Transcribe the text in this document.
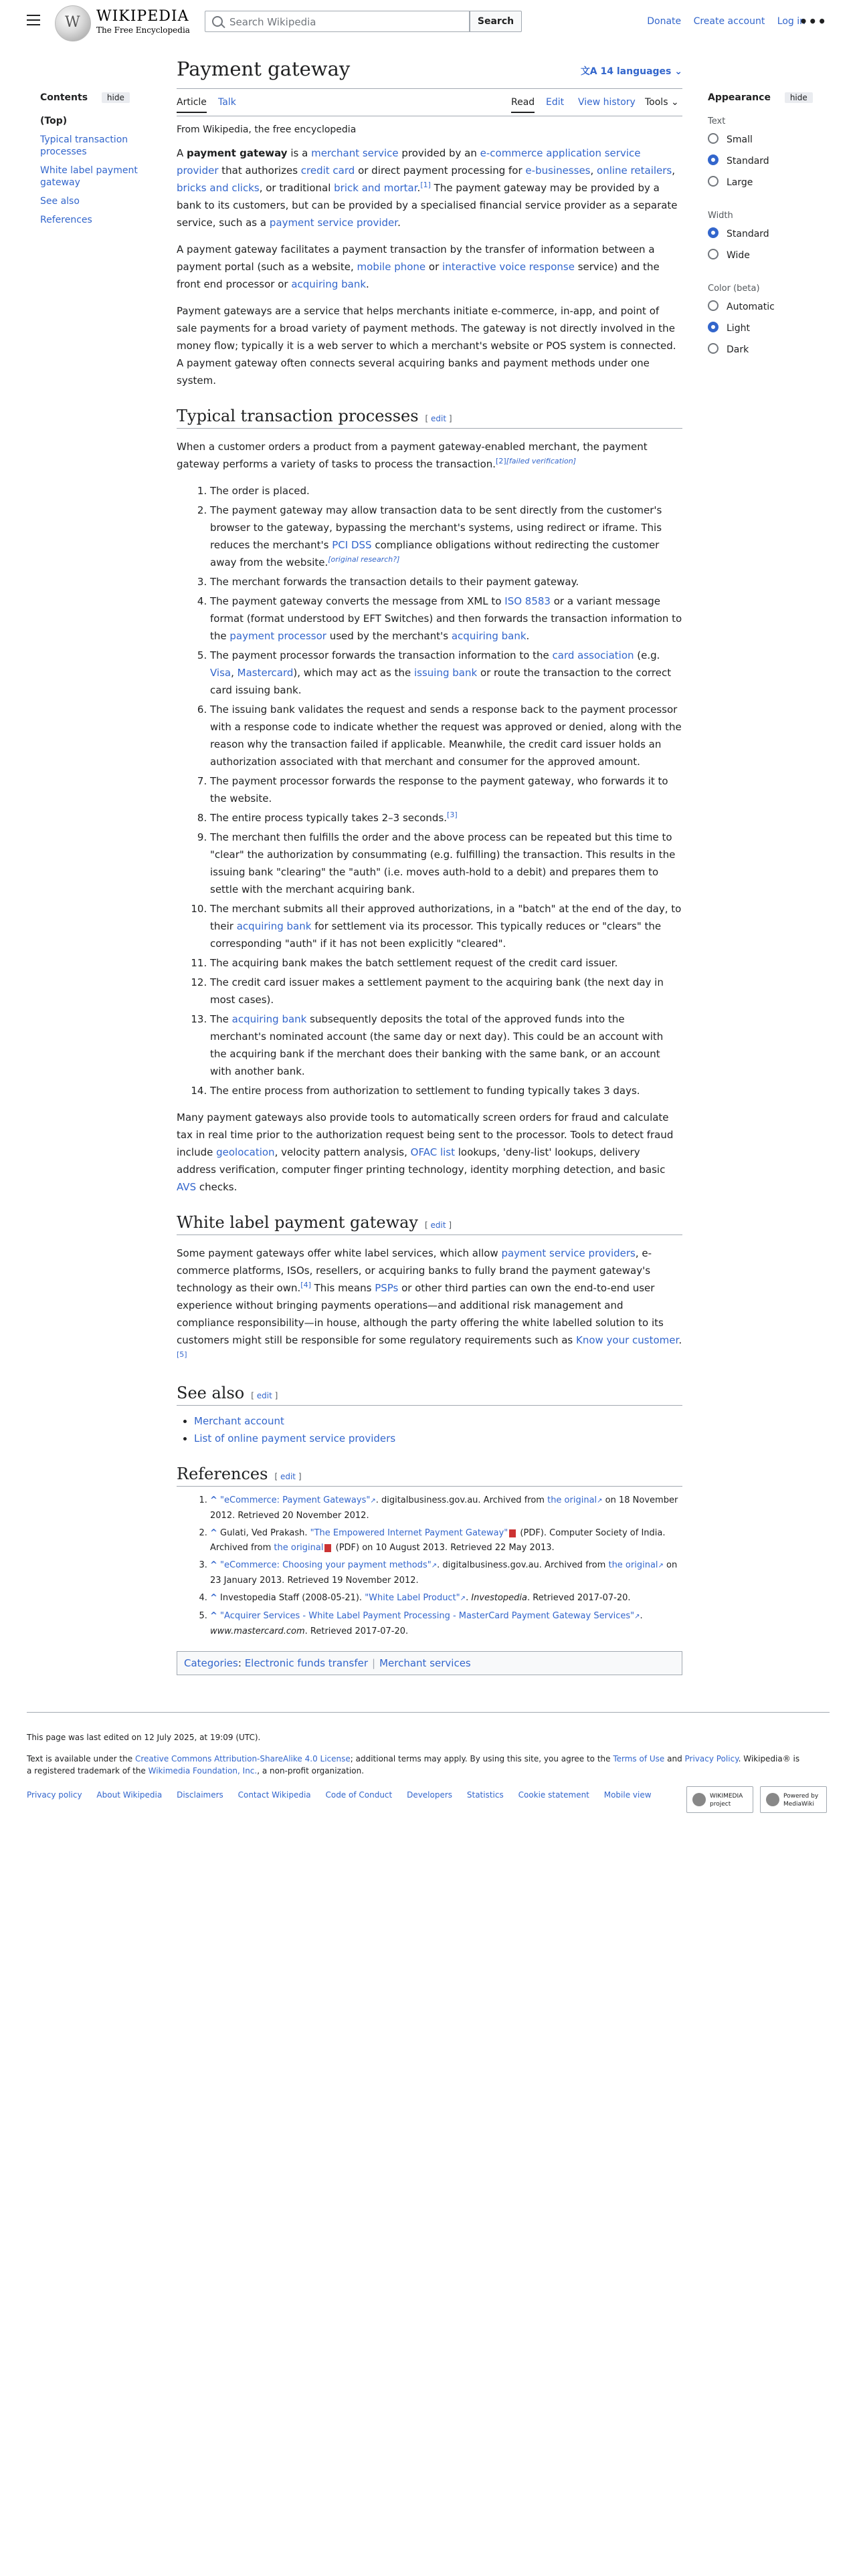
W
WIKIPEDIA
The Free Encyclopedia
Search Wikipedia	Search	Donate Create account Log in
•••
Contents hide
(Top)
Typical transaction processes
White label payment gateway
See also
References
Payment gateway	文A 14 languages ⌄
Article Talk	Read Edit View history Tools ⌄
From Wikipedia, the free encyclopedia

A payment gateway is a merchant service provided by an e-commerce application service provider that authorizes credit card or direct payment processing for e-businesses, online retailers, bricks and clicks, or traditional brick and mortar.[1] The payment gateway may be provided by a bank to its customers, but can be provided by a specialised financial service provider as a separate service, such as a payment service provider.

A payment gateway facilitates a payment transaction by the transfer of information between a payment portal (such as a website, mobile phone or interactive voice response service) and the front end processor or acquiring bank.

Payment gateways are a service that helps merchants initiate e-commerce, in-app, and point of sale payments for a broad variety of payment methods. The gateway is not directly involved in the money flow; typically it is a web server to which a merchant's website or POS system is connected. A payment gateway often connects several acquiring banks and payment methods under one system.

Typical transaction processes [ edit ]

When a customer orders a product from a payment gateway-enabled merchant, the payment gateway performs a variety of tasks to process the transaction.[2][failed verification]

1. The order is placed.
2. The payment gateway may allow transaction data to be sent directly from the customer's browser to the gateway, bypassing the merchant's systems, using redirect or iframe. This reduces the merchant's PCI DSS compliance obligations without redirecting the customer away from the website.[original research?]
3. The merchant forwards the transaction details to their payment gateway.
4. The payment gateway converts the message from XML to ISO 8583 or a variant message format (format understood by EFT Switches) and then forwards the transaction information to the payment processor used by the merchant's acquiring bank.
5. The payment processor forwards the transaction information to the card association (e.g. Visa, Mastercard), which may act as the issuing bank or route the transaction to the correct card issuing bank.
6. The issuing bank validates the request and sends a response back to the payment processor with a response code to indicate whether the request was approved or denied, along with the reason why the transaction failed if applicable. Meanwhile, the credit card issuer holds an authorization associated with that merchant and consumer for the approved amount.
7. The payment processor forwards the response to the payment gateway, who forwards it to the website.
8. The entire process typically takes 2–3 seconds.[3]
9. The merchant then fulfills the order and the above process can be repeated but this time to "clear" the authorization by consummating (e.g. fulfilling) the transaction. This results in the issuing bank "clearing" the "auth" (i.e. moves auth-hold to a debit) and prepares them to settle with the merchant acquiring bank.
10. The merchant submits all their approved authorizations, in a "batch" at the end of the day, to their acquiring bank for settlement via its processor. This typically reduces or "clears" the corresponding "auth" if it has not been explicitly "cleared".
11. The acquiring bank makes the batch settlement request of the credit card issuer.
12. The credit card issuer makes a settlement payment to the acquiring bank (the next day in most cases).
13. The acquiring bank subsequently deposits the total of the approved funds into the merchant's nominated account (the same day or next day). This could be an account with the acquiring bank if the merchant does their banking with the same bank, or an account with another bank.
14. The entire process from authorization to settlement to funding typically takes 3 days.

Many payment gateways also provide tools to automatically screen orders for fraud and calculate tax in real time prior to the authorization request being sent to the processor. Tools to detect fraud include geolocation, velocity pattern analysis, OFAC list lookups, 'deny-list' lookups, delivery address verification, computer finger printing technology, identity morphing detection, and basic AVS checks.

White label payment gateway [ edit ]

Some payment gateways offer white label services, which allow payment service providers, e-commerce platforms, ISOs, resellers, or acquiring banks to fully brand the payment gateway's technology as their own.[4] This means PSPs or other third parties can own the end-to-end user experience without bringing payments operations—and additional risk management and compliance responsibility—in house, although the party offering the white labelled solution to its customers might still be responsible for some regulatory requirements such as Know your customer.[5]

See also [ edit ]
• Merchant account
• List of online payment service providers
References [ edit ]
1. ^ "eCommerce: Payment Gateways"↗. digitalbusiness.gov.au. Archived from the original↗ on 18 November 2012. Retrieved 20 November 2012.
2. ^ Gulati, Ved Prakash. "The Empowered Internet Payment Gateway" (PDF). Computer Society of India. Archived from the original (PDF) on 10 August 2013. Retrieved 22 May 2013.
3. ^ "eCommerce: Choosing your payment methods"↗. digitalbusiness.gov.au. Archived from the original↗ on 23 January 2013. Retrieved 19 November 2012.
4. ^ Investopedia Staff (2008-05-21). "White Label Product"↗. Investopedia. Retrieved 2017-07-20.
5. ^ "Acquirer Services - White Label Payment Processing - MasterCard Payment Gateway Services"↗. www.mastercard.com. Retrieved 2017-07-20.
Categories: Electronic funds transfer | Merchant services
Appearance hide
Text
Small
Standard
Large
Width
Standard
Wide
Color (beta)
Automatic
Light
Dark
This page was last edited on 12 July 2025, at 19:09 (UTC).
Text is available under the Creative Commons Attribution-ShareAlike 4.0 License; additional terms may apply. By using this site, you agree to the Terms of Use and Privacy Policy. Wikipedia® is a registered trademark of the Wikimedia Foundation, Inc., a non-profit organization.
Privacy policy About Wikipedia Disclaimers Contact Wikipedia Code of Conduct Developers Statistics Cookie statement Mobile view	WIKIMEDIA project
Powered by MediaWiki
